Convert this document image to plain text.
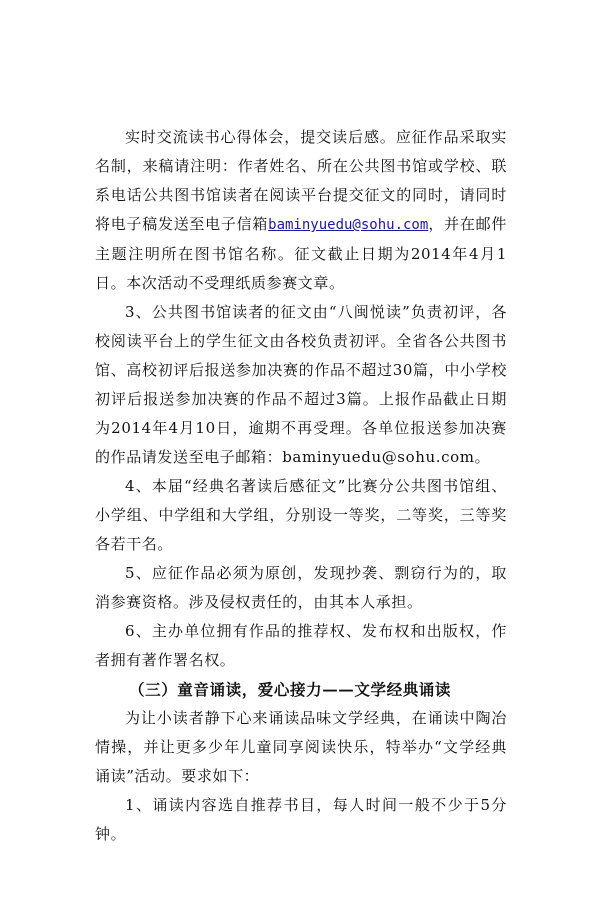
实时交流读书心得体会，提交读后感。应征作品采取实名制，来稿请注明：作者姓名、所在公共图书馆或学校、联系电话公共图书馆读者在阅读平台提交征文的同时，请同时将电子稿发送至电子信箱baminyuedu@sohu.com，并在邮件主题注明所在图书馆名称。征文截止日期为2014年4月1日。本次活动不受理纸质参赛文章。

3、公共图书馆读者的征文由“八闽悦读”负责初评，各校阅读平台上的学生征文由各校负责初评。全省各公共图书馆、高校初评后报送参加决赛的作品不超过30篇，中小学校初评后报送参加决赛的作品不超过3篇。上报作品截止日期为2014年4月10日，逾期不再受理。各单位报送参加决赛的作品请发送至电子邮箱：baminyuedu@sohu.com。

4、本届“经典名著读后感征文”比赛分公共图书馆组、小学组、中学组和大学组，分别设一等奖，二等奖，三等奖各若干名。

5、应征作品必须为原创，发现抄袭、剽窃行为的，取消参赛资格。涉及侵权责任的，由其本人承担。

6、主办单位拥有作品的推荐权、发布权和出版权，作者拥有著作署名权。

（三）童音诵读，爱心接力——文学经典诵读

为让小读者静下心来诵读品味文学经典，在诵读中陶冶情操，并让更多少年儿童同享阅读快乐，特举办“文学经典诵读”活动。要求如下：

1、诵读内容选自推荐书目，每人时间一般不少于5分钟。
